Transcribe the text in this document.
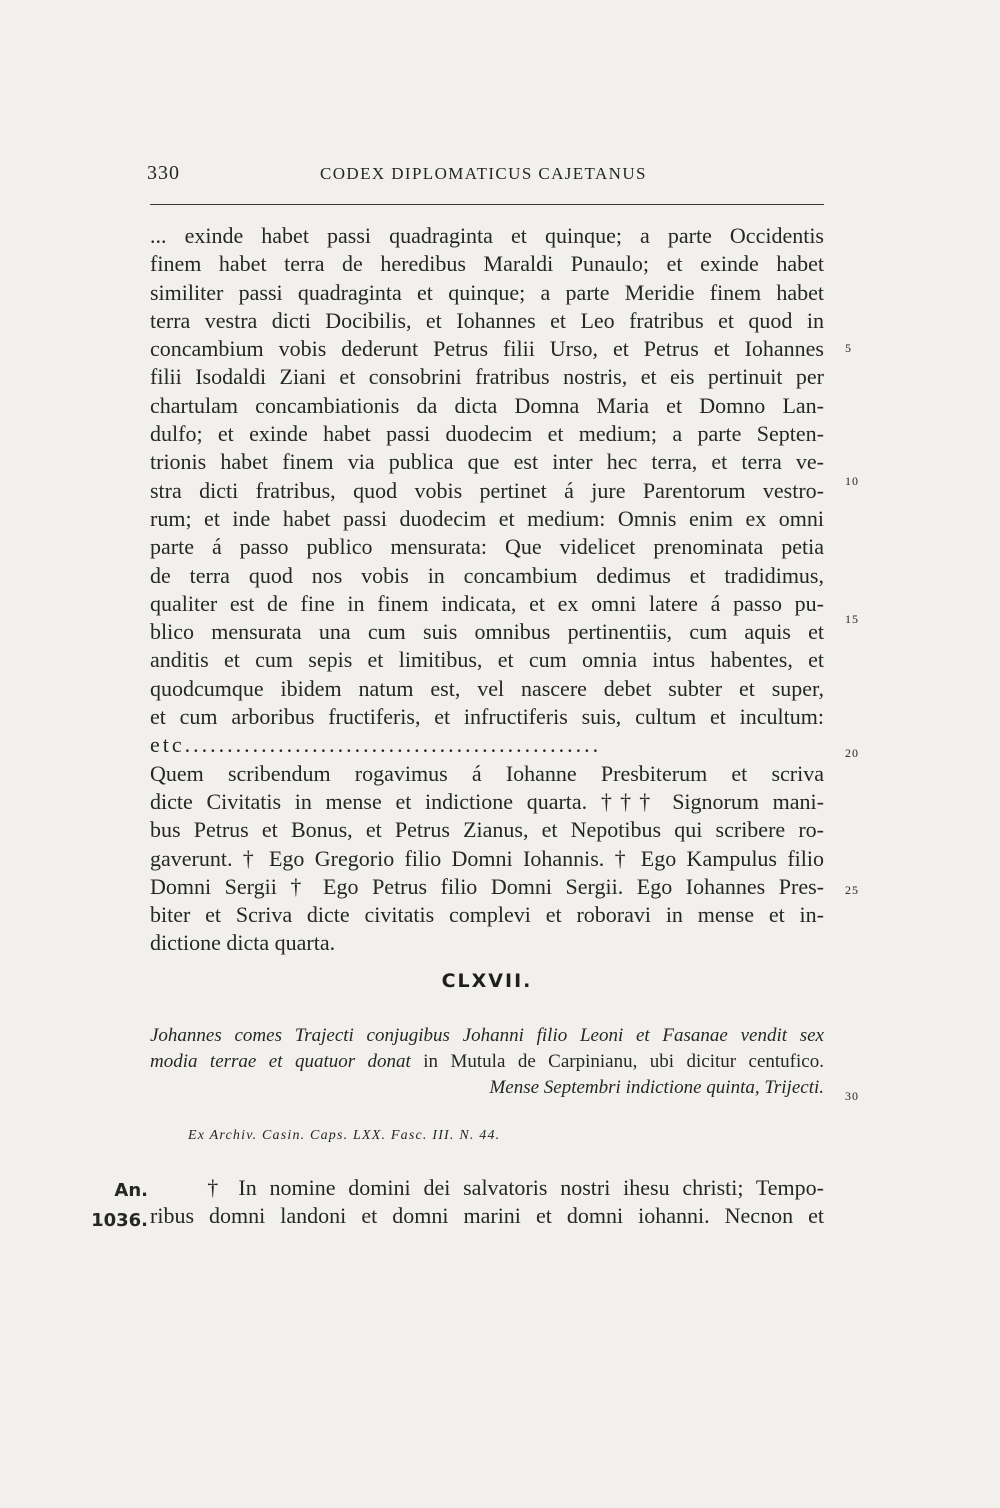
330	CODEX DIPLOMATICUS CAJETANUS
... exinde habet passi quadraginta et quinque; a parte Occidentis
finem habet terra de heredibus Maraldi Punaulo; et exinde habet
similiter passi quadraginta et quinque; a parte Meridie finem habet
terra vestra dicti Docibilis, et Iohannes et Leo fratribus et quod in
concambium vobis dederunt Petrus filii Urso, et Petrus et Iohannes
filii Isodaldi Ziani et consobrini fratribus nostris, et eis pertinuit per
chartulam concambiationis da dicta Domna Maria et Domno Lan-
dulfo; et exinde habet passi duodecim et medium; a parte Septen-
trionis habet finem via publica que est inter hec terra, et terra ve-
stra dicti fratribus, quod vobis pertinet á jure Parentorum vestro-
rum; et inde habet passi duodecim et medium: Omnis enim ex omni
parte á passo publico mensurata: Que videlicet prenominata petia
de terra quod nos vobis in concambium dedimus et tradidimus,
qualiter est de fine in finem indicata, et ex omni latere á passo pu-
blico mensurata una cum suis omnibus pertinentiis, cum aquis et
anditis et cum sepis et limitibus, et cum omnia intus habentes, et
quodcumque ibidem natum est, vel nascere debet subter et super,
et cum arboribus fructiferis, et infructiferis suis, cultum et incultum:
etc.................................................
Quem scribendum rogavimus á Iohanne Presbiterum et scriva
dicte Civitatis in mense et indictione quarta. ††† Signorum mani-
bus Petrus et Bonus, et Petrus Zianus, et Nepotibus qui scribere ro-
gaverunt. † Ego Gregorio filio Domni Iohannis. † Ego Kampulus filio
Domni Sergii † Ego Petrus filio Domni Sergii. Ego Iohannes Pres-
biter et Scriva dicte civitatis complevi et roboravi in mense et in-
dictione dicta quarta.
5
10
15
20
25
30
CLXVII.
Johannes comes Trajecti conjugibus Johanni filio Leoni et Fasanae vendit sex
modia terrae et quatuor donat in Mutula de Carpinianu, ubi dicitur centufico.
Mense Septembri indictione quinta, Trijecti.
Ex Archiv. Casin. Caps. LXX. Fasc. III. N. 44.
An.
1036.
† In nomine domini dei salvatoris nostri ihesu christi; Tempo-
ribus domni landoni et domni marini et domni iohanni. Necnon et
